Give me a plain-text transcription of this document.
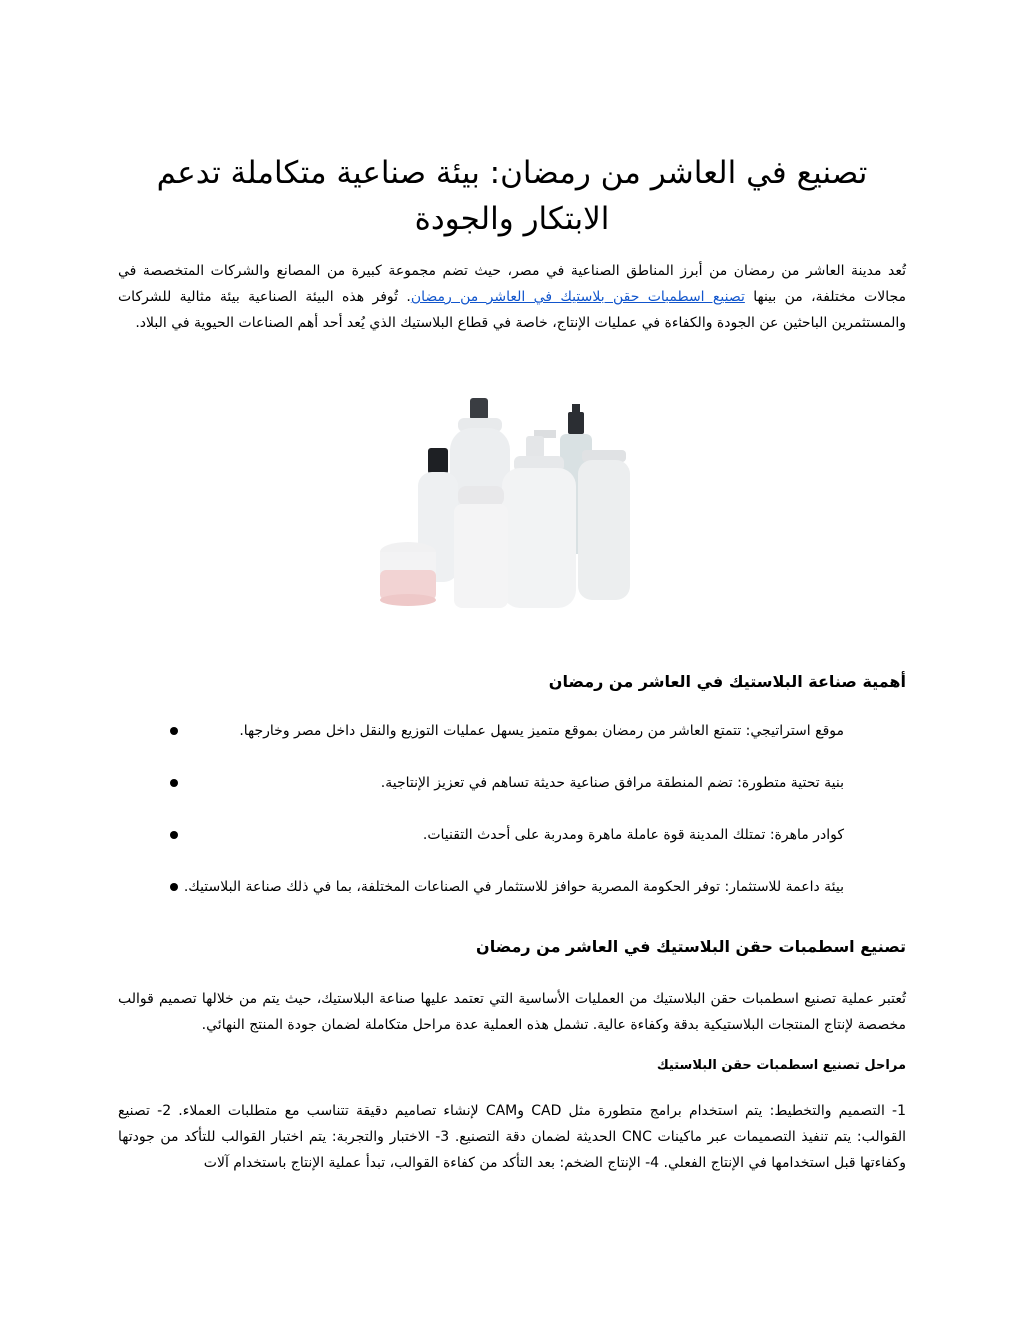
تصنيع في العاشر من رمضان: بيئة صناعية متكاملة تدعم الابتكار والجودة

تُعد مدينة العاشر من رمضان من أبرز المناطق الصناعية في مصر، حيث تضم مجموعة كبيرة من المصانع والشركات المتخصصة في مجالات مختلفة، من بينها تصنيع اسطمبات حقن بلاستيك في العاشر من رمضان. تُوفر هذه البيئة الصناعية بيئة مثالية للشركات والمستثمرين الباحثين عن الجودة والكفاءة في عمليات الإنتاج، خاصة في قطاع البلاستيك الذي يُعد أحد أهم الصناعات الحيوية في البلاد.

أهمية صناعة البلاستيك في العاشر من رمضان
موقع استراتيجي: تتمتع العاشر من رمضان بموقع متميز يسهل عمليات التوزيع والنقل داخل مصر وخارجها.
بنية تحتية متطورة: تضم المنطقة مرافق صناعية حديثة تساهم في تعزيز الإنتاجية.
كوادر ماهرة: تمتلك المدينة قوة عاملة ماهرة ومدربة على أحدث التقنيات.
بيئة داعمة للاستثمار: توفر الحكومة المصرية حوافز للاستثمار في الصناعات المختلفة، بما في ذلك صناعة البلاستيك.
تصنيع اسطمبات حقن البلاستيك في العاشر من رمضان

تُعتبر عملية تصنيع اسطمبات حقن البلاستيك من العمليات الأساسية التي تعتمد عليها صناعة البلاستيك، حيث يتم من خلالها تصميم قوالب مخصصة لإنتاج المنتجات البلاستيكية بدقة وكفاءة عالية. تشمل هذه العملية عدة مراحل متكاملة لضمان جودة المنتج النهائي.

مراحل تصنيع اسطمبات حقن البلاستيك

1- التصميم والتخطيط: يتم استخدام برامج متطورة مثل CAD وCAM لإنشاء تصاميم دقيقة تتناسب مع متطلبات العملاء. 2- تصنيع القوالب: يتم تنفيذ التصميمات عبر ماكينات CNC الحديثة لضمان دقة التصنيع. 3- الاختبار والتجربة: يتم اختبار القوالب للتأكد من جودتها وكفاءتها قبل استخدامها في الإنتاج الفعلي. 4- الإنتاج الضخم: بعد التأكد من كفاءة القوالب، تبدأ عملية الإنتاج باستخدام آلات
